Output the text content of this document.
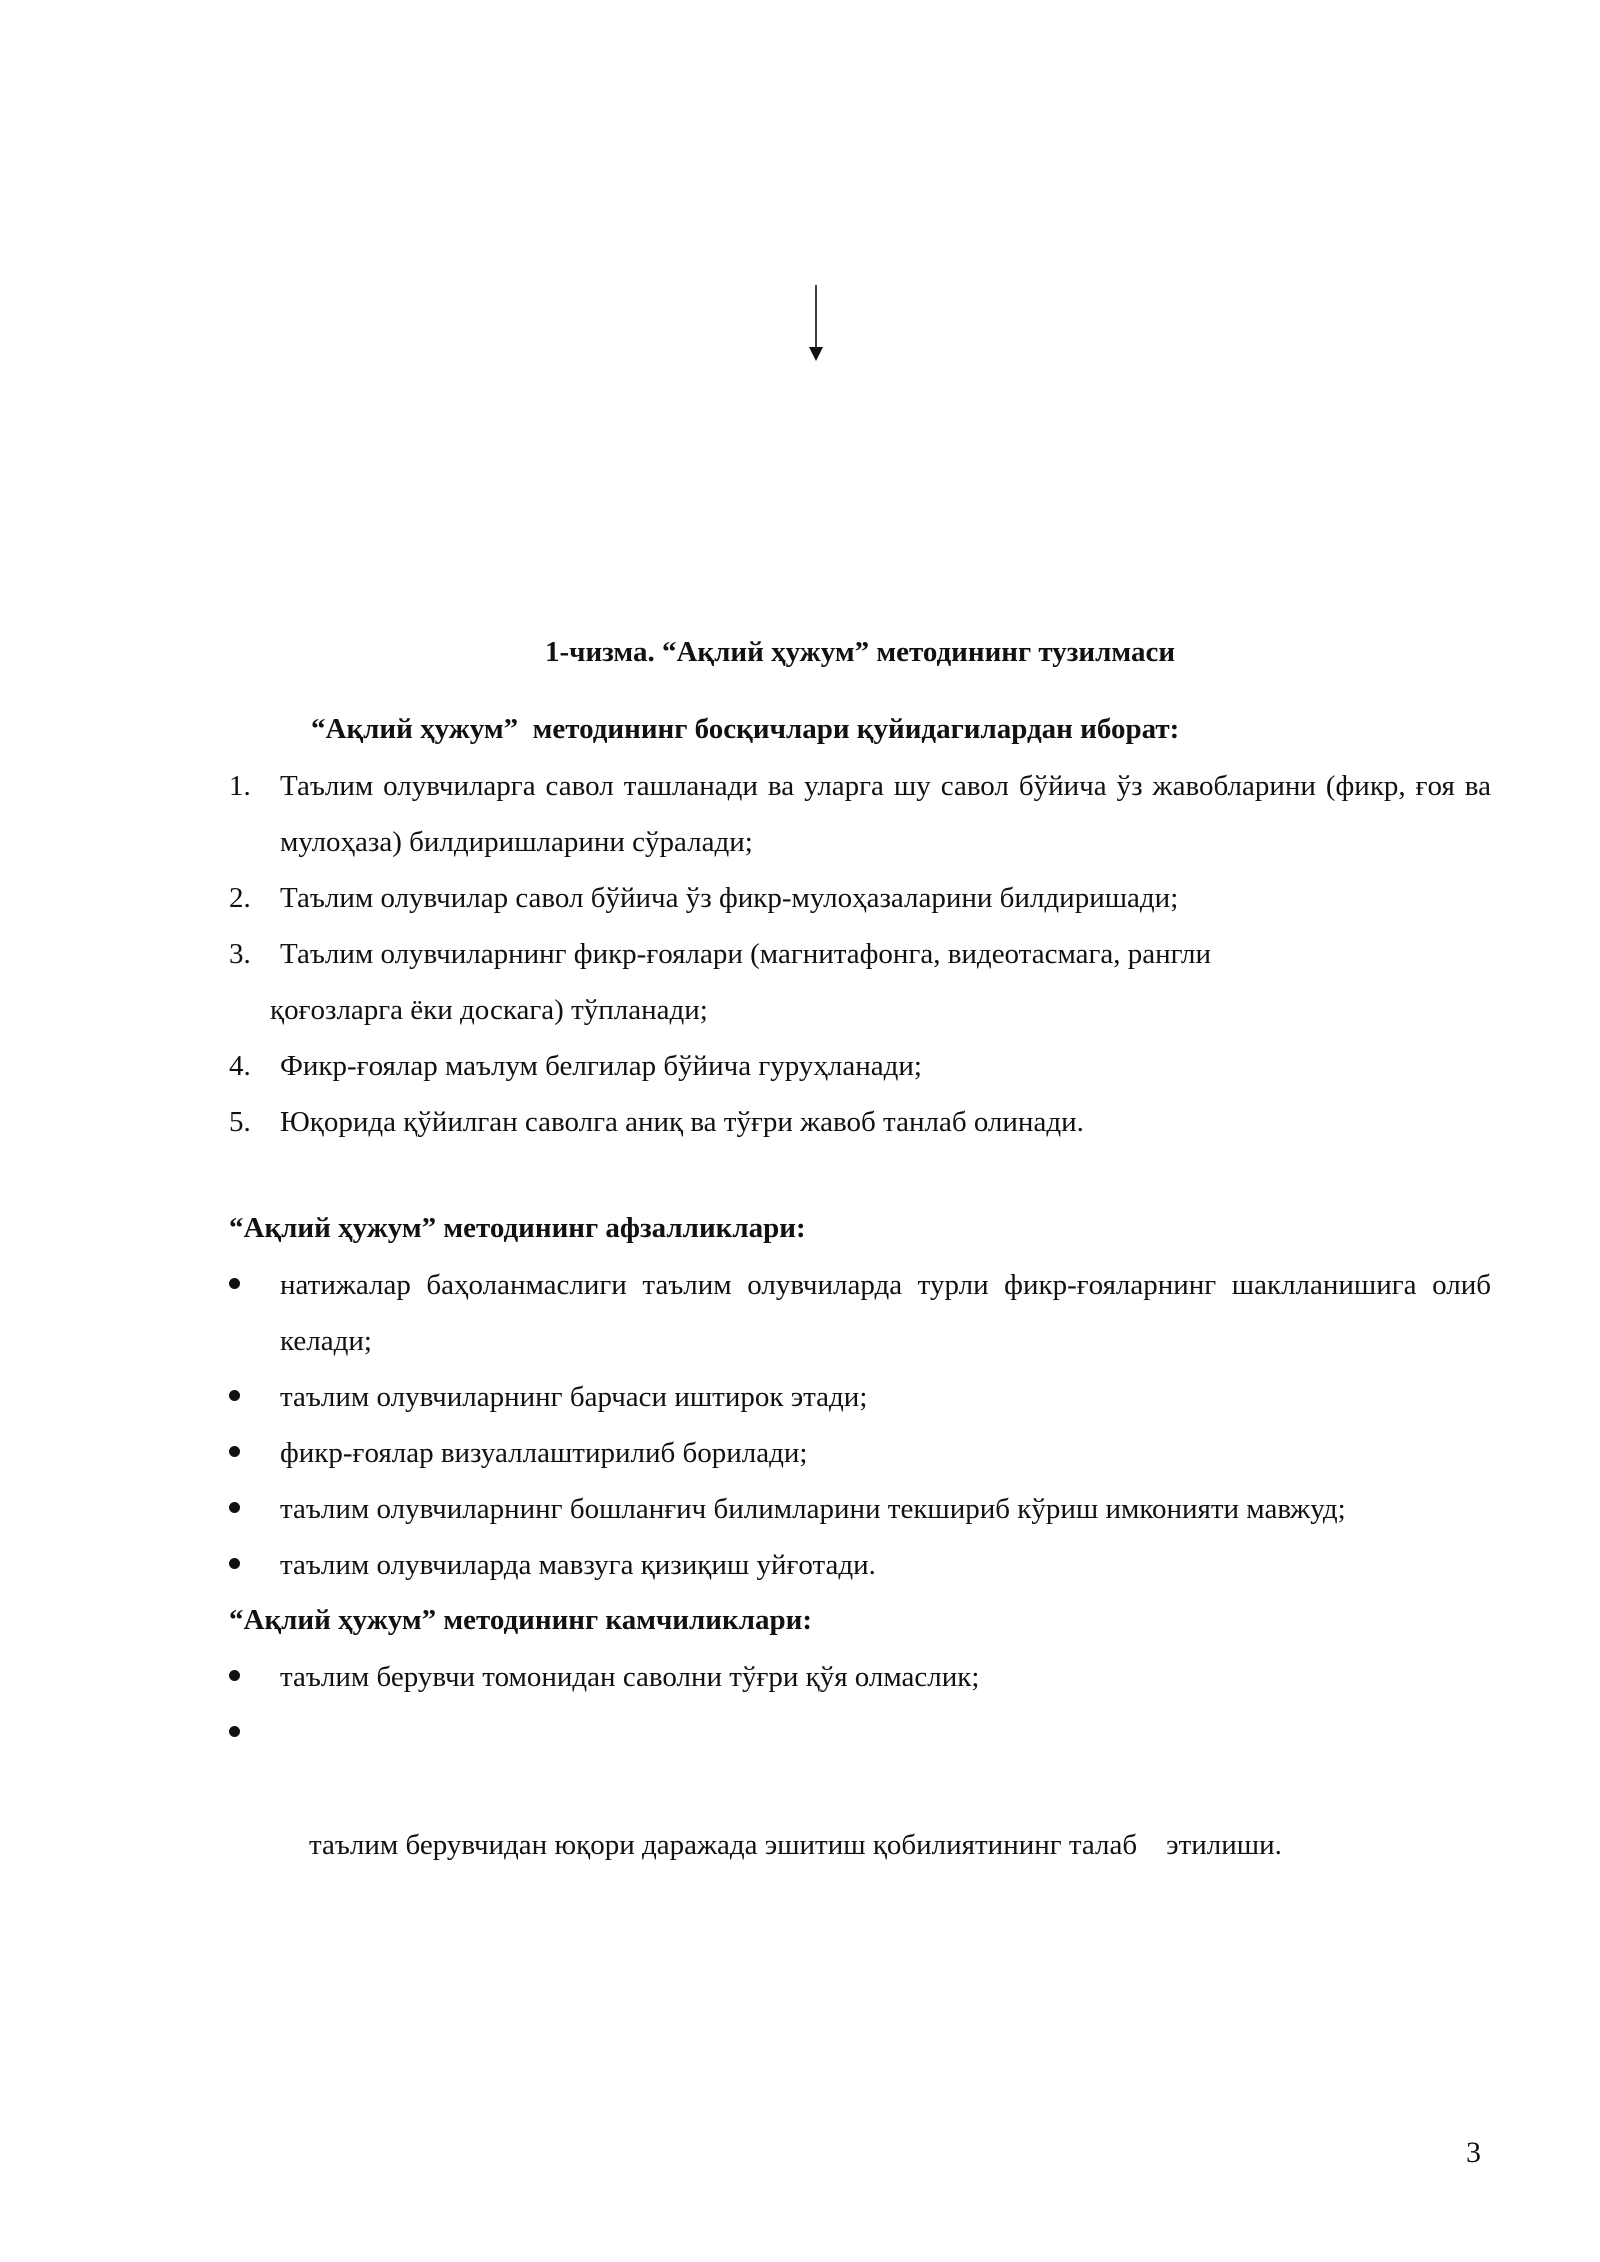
1-чизма. “Ақлий ҳужум” методининг тузилмаси
“Ақлий ҳужум”  методининг босқичлари қуйидагилардан иборат:
1. Таълим олувчиларга савол ташланади ва уларга шу савол бўйича ўз жавобларини (фикр, ғоя ва мулоҳаза) билдиришларини сўралади;
2. Таълим олувчилар савол бўйича ўз фикр-мулоҳазаларини билдиришади;
3. Таълим олувчиларнинг фикр-ғоялари (магнитафонга, видеотасмага, рангли
қоғозларга ёки доскага) тўпланади;
4. Фикр-ғоялар маълум белгилар бўйича гуруҳланади;
5. Юқорида қўйилган саволга аниқ ва тўғри жавоб танлаб олинади.
“Ақлий ҳужум” методининг афзалликлари:
натижалар баҳоланмаслиги таълим олувчиларда турли фикр-ғояларнинг шаклланишига олиб келади;
таълим олувчиларнинг барчаси иштирок этади;
фикр-ғоялар визуаллаштирилиб борилади;
таълим олувчиларнинг бошланғич билимларини текшириб кўриш имконияти мавжуд;
таълим олувчиларда мавзуга қизиқиш уйғотади.
“Ақлий ҳужум” методининг камчиликлари:
таълим берувчи томонидан саволни тўғри қўя олмаслик;

таълим берувчидан юқори даражада эшитиш қобилиятининг талаб    этилиши.

3
